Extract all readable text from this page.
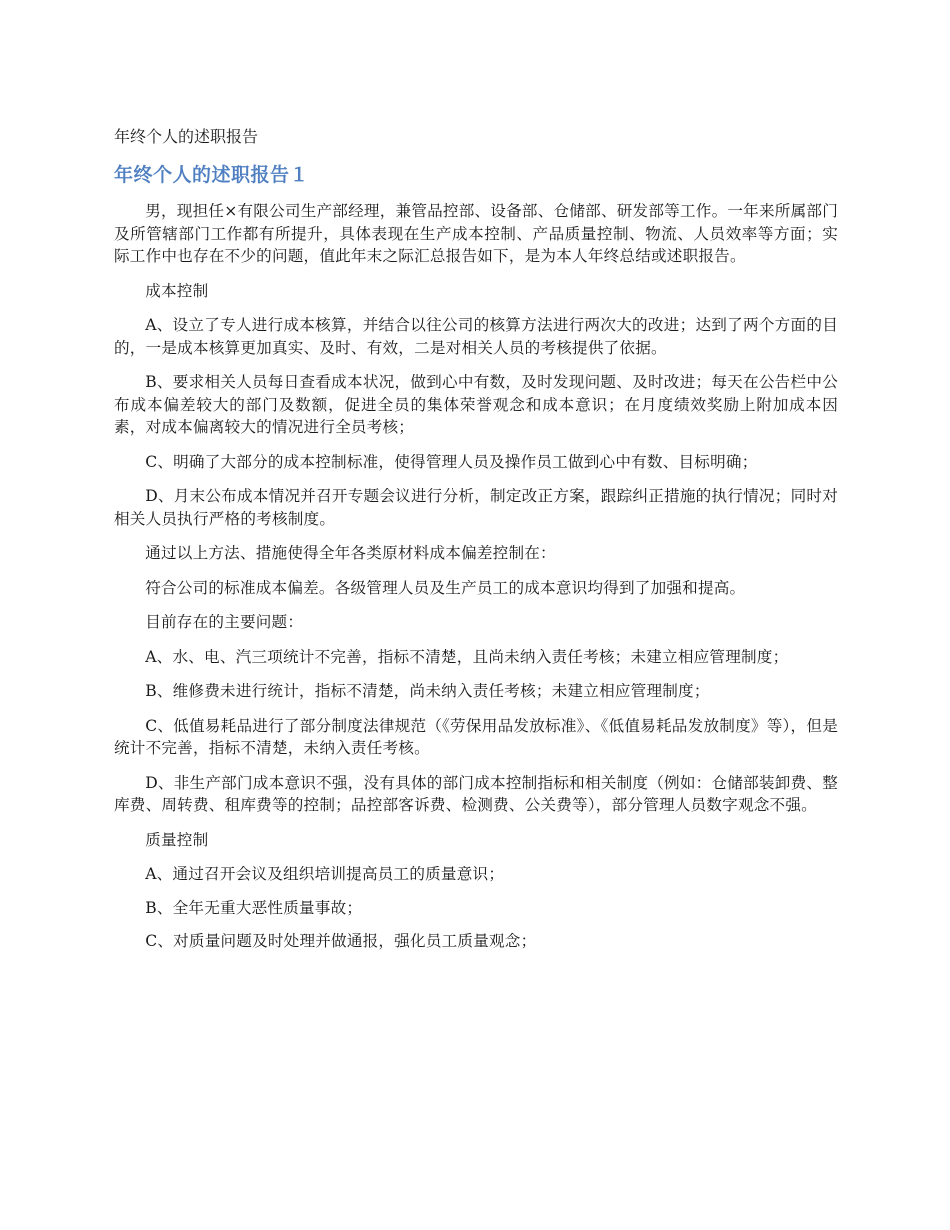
年终个人的述职报告
年终个人的述职报告１

男，现担任×有限公司生产部经理，兼管品控部、设备部、仓储部、研发部等工作。一年来所属部门及所管辖部门工作都有所提升，具体表现在生产成本控制、产品质量控制、物流、人员效率等方面；实际工作中也存在不少的问题，值此年末之际汇总报告如下，是为本人年终总结或述职报告。

成本控制

A、设立了专人进行成本核算，并结合以往公司的核算方法进行两次大的改进；达到了两个方面的目的，一是成本核算更加真实、及时、有效，二是对相关人员的考核提供了依据。

B、要求相关人员每日查看成本状况，做到心中有数，及时发现问题、及时改进；每天在公告栏中公布成本偏差较大的部门及数额，促进全员的集体荣誉观念和成本意识；在月度绩效奖励上附加成本因素，对成本偏离较大的情况进行全员考核；

C、明确了大部分的成本控制标准，使得管理人员及操作员工做到心中有数、目标明确；

D、月末公布成本情况并召开专题会议进行分析，制定改正方案，跟踪纠正措施的执行情况；同时对相关人员执行严格的考核制度。

通过以上方法、措施使得全年各类原材料成本偏差控制在：

符合公司的标准成本偏差。各级管理人员及生产员工的成本意识均得到了加强和提高。

目前存在的主要问题：

A、水、电、汽三项统计不完善，指标不清楚，且尚未纳入责任考核；未建立相应管理制度；

B、维修费未进行统计，指标不清楚，尚未纳入责任考核；未建立相应管理制度；

C、低值易耗品进行了部分制度法律规范（《劳保用品发放标准》、《低值易耗品发放制度》等），但是统计不完善，指标不清楚，未纳入责任考核。

D、非生产部门成本意识不强，没有具体的部门成本控制指标和相关制度（例如：仓储部装卸费、整库费、周转费、租库费等的控制；品控部客诉费、检测费、公关费等），部分管理人员数字观念不强。

质量控制

A、通过召开会议及组织培训提高员工的质量意识；

B、全年无重大恶性质量事故；

C、对质量问题及时处理并做通报，强化员工质量观念；
